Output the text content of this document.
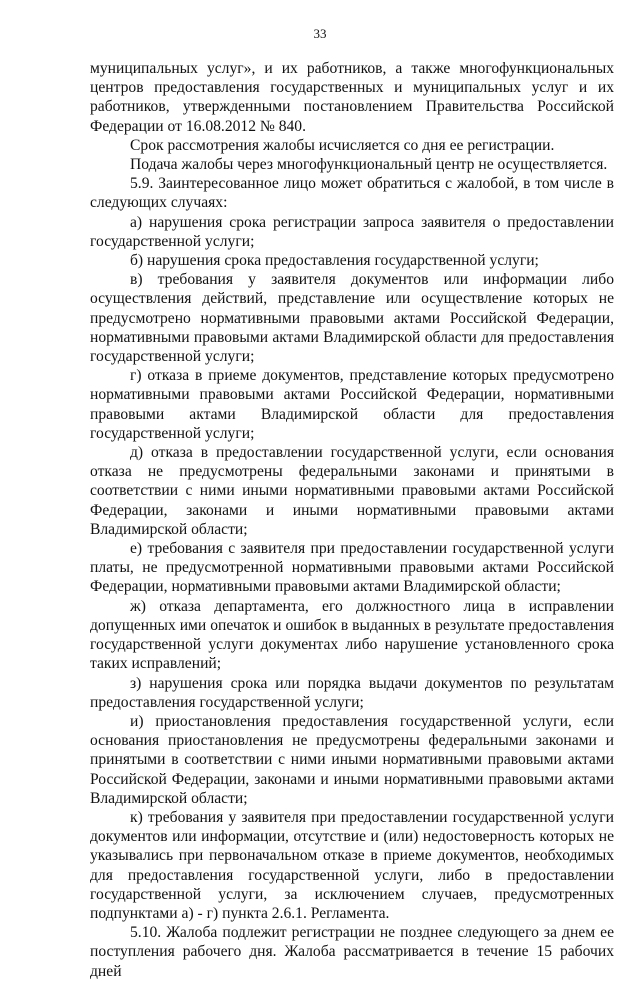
33

муниципальных услуг», и их работников, а также многофункциональных центров предоставления государственных и муниципальных услуг и их работников, утвержденными постановлением Правительства Российской Федерации от 16.08.2012 № 840.

Срок рассмотрения жалобы исчисляется со дня ее регистрации.

Подача жалобы через многофункциональный центр не осуществляется.

5.9. Заинтересованное лицо может обратиться с жалобой, в том числе в следующих случаях:

а) нарушения срока регистрации запроса заявителя о предоставлении государственной услуги;

б) нарушения срока предоставления государственной услуги;

в) требования у заявителя документов или информации либо осуществления действий, представление или осуществление которых не предусмотрено нормативными правовыми актами Российской Федерации, нормативными правовыми актами Владимирской области для предоставления государственной услуги;

г) отказа в приеме документов, представление которых предусмотрено нормативными правовыми актами Российской Федерации, нормативными правовыми актами Владимирской области для предоставления государственной услуги;

д) отказа в предоставлении государственной услуги, если основания отказа не предусмотрены федеральными законами и принятыми в соответствии с ними иными нормативными правовыми актами Российской Федерации, законами и иными нормативными правовыми актами Владимирской области;

е) требования с заявителя при предоставлении государственной услуги платы, не предусмотренной нормативными правовыми актами Российской Федерации, нормативными правовыми актами Владимирской области;

ж) отказа департамента, его должностного лица в исправлении допущенных ими опечаток и ошибок в выданных в результате предоставления государственной услуги документах либо нарушение установленного срока таких исправлений;

з) нарушения срока или порядка выдачи документов по результатам предоставления государственной услуги;

и) приостановления предоставления государственной услуги, если основания приостановления не предусмотрены федеральными законами и принятыми в соответствии с ними иными нормативными правовыми актами Российской Федерации, законами и иными нормативными правовыми актами Владимирской области;

к) требования у заявителя при предоставлении государственной услуги документов или информации, отсутствие и (или) недостоверность которых не указывались при первоначальном отказе в приеме документов, необходимых для предоставления государственной услуги, либо в предоставлении государственной услуги, за исключением случаев, предусмотренных подпунктами а) - г) пункта 2.6.1. Регламента.

5.10. Жалоба подлежит регистрации не позднее следующего за днем ее поступления рабочего дня. Жалоба рассматривается в течение 15 рабочих дней
